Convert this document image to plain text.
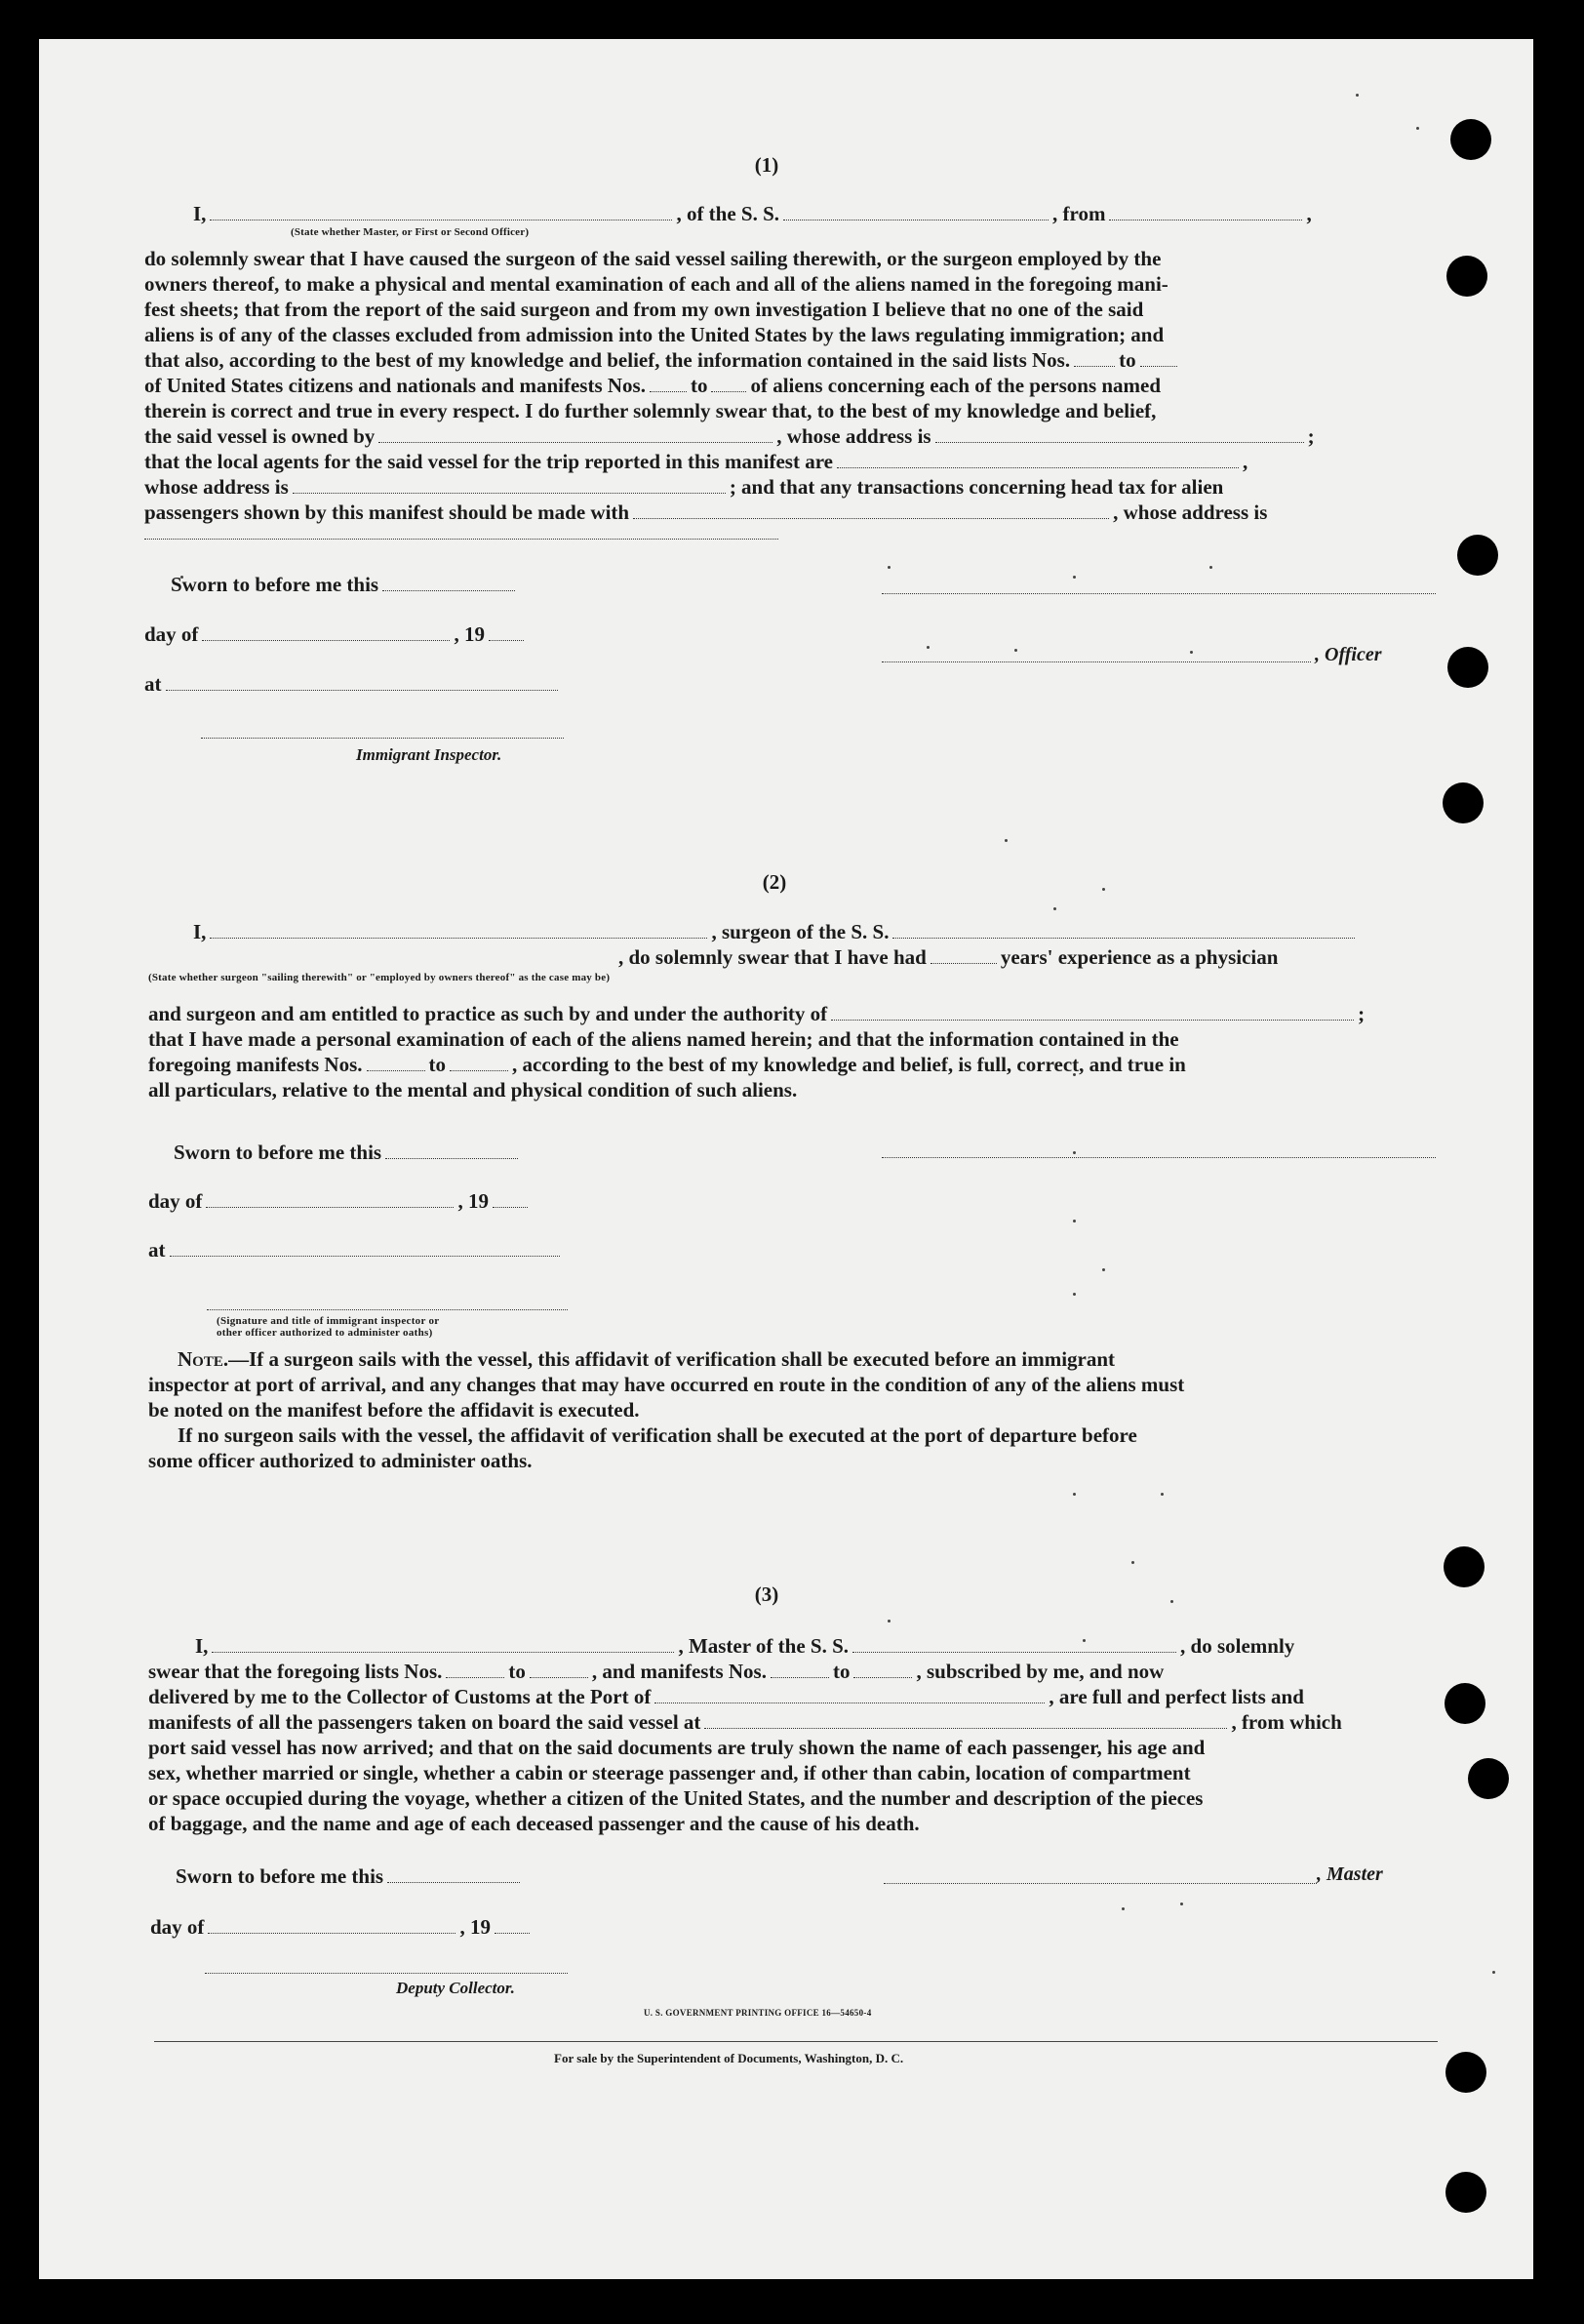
(1)
I,	, of the S. S.	, from	,
(State whether Master, or First or Second Officer)
do solemnly swear that I have caused the surgeon of the said vessel sailing therewith, or the surgeon employed by the
owners thereof, to make a physical and mental examination of each and all of the aliens named in the foregoing mani-
fest sheets; that from the report of the said surgeon and from my own investigation I believe that no one of the said
aliens is of any of the classes excluded from admission into the United States by the laws regulating immigration; and
that also, according to the best of my knowledge and belief, the information contained in the said lists Nos. to
of United States citizens and nationals and manifests Nos. to of aliens concerning each of the persons named
therein is correct and true in every respect. I do further solemnly swear that, to the best of my knowledge and belief,
the said vessel is owned by	, whose address is	;
that the local agents for the said vessel for the trip reported in this manifest are	,
whose address is	; and that any transactions concerning head tax for alien
passengers shown by this manifest should be made with	, whose address is
Sworn to before me this
day of	, 19
at
Immigrant Inspector.
, Officer
(2)
I,	, surgeon of the S. S.
, do solemnly swear that I have had	years' experience as a physician
(State whether surgeon "sailing therewith" or "employed by owners thereof" as the case may be)
and surgeon and am entitled to practice as such by and under the authority of	;
that I have made a personal examination of each of the aliens named herein; and that the information contained in the
foregoing manifests Nos.	to	, according to the best of my knowledge and belief, is full, correct, and true in
all particulars, relative to the mental and physical condition of such aliens.
Sworn to before me this
day of	, 19
at
(Signature and title of immigrant inspector or
other officer authorized to administer oaths)
Note.—If a surgeon sails with the vessel, this affidavit of verification shall be executed before an immigrant
inspector at port of arrival, and any changes that may have occurred en route in the condition of any of the aliens must
be noted on the manifest before the affidavit is executed.
If no surgeon sails with the vessel, the affidavit of verification shall be executed at the port of departure before
some officer authorized to administer oaths.
(3)
I,	, Master of the S. S.	, do solemnly
swear that the foregoing lists Nos.	to	, and manifests Nos.	to	, subscribed by me, and now
delivered by me to the Collector of Customs at the Port of	, are full and perfect lists and
manifests of all the passengers taken on board the said vessel at	, from which
port said vessel has now arrived; and that on the said documents are truly shown the name of each passenger, his age and
sex, whether married or single, whether a cabin or steerage passenger and, if other than cabin, location of compartment
or space occupied during the voyage, whether a citizen of the United States, and the number and description of the pieces
of baggage, and the name and age of each deceased passenger and the cause of his death.
Sworn to before me this	, Master
day of	, 19
Deputy Collector.
U. S. GOVERNMENT PRINTING OFFICE 16—54650-4
For sale by the Superintendent of Documents, Washington, D. C.
